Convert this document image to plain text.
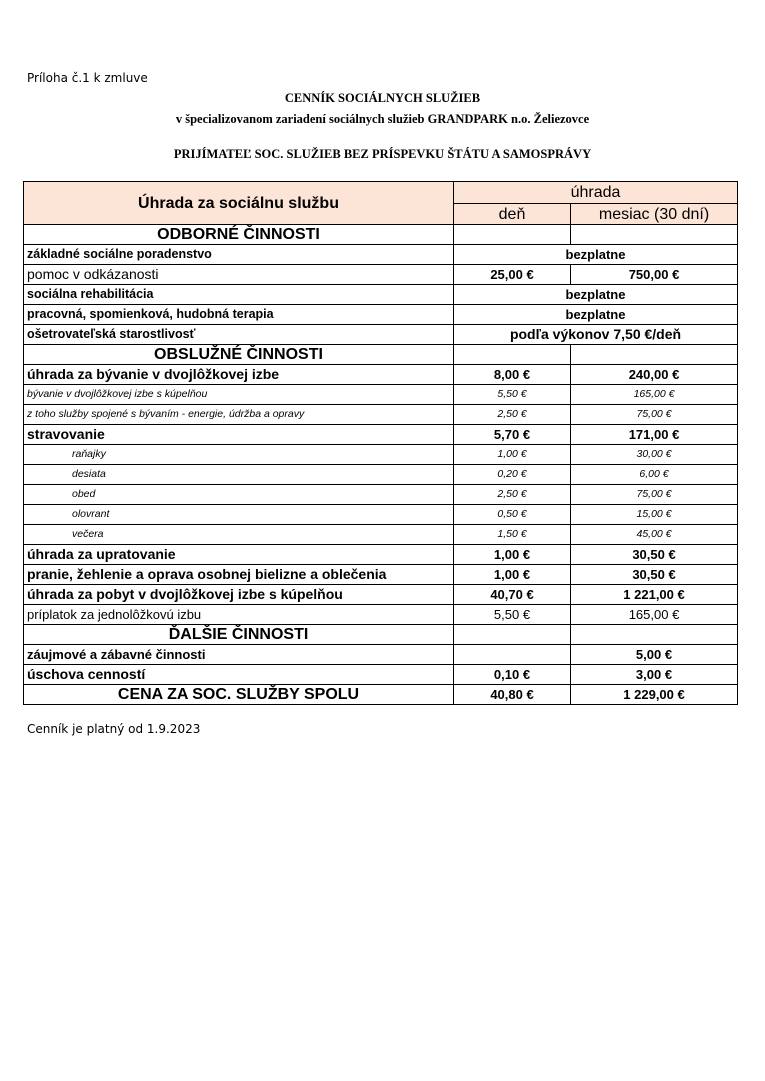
Príloha č.1 k zmluve
CENNÍK SOCIÁLNYCH SLUŽIEB
v špecializovanom zariadení sociálnych služieb GRANDPARK n.o. Želiezovce
PRIJÍMATEĽ SOC. SLUŽIEB BEZ PRÍSPEVKU ŠTÁTU A SAMOSPRÁVY
Úhrada za sociálnu službu	úhrada	
	deň	mesiac (30 dní)
ODBORNÉ ČINNOSTI		
základné sociálne poradenstvo	bezplatne	
pomoc v odkázanosti	25,00 €	750,00 €
sociálna rehabilitácia	bezplatne	
pracovná, spomienková, hudobná terapia	bezplatne	
ošetrovateľská starostlivosť	podľa výkonov 7,50 €/deň	
OBSLUŽNÉ ČINNOSTI		
úhrada za bývanie v dvojlôžkovej izbe	8,00 €	240,00 €
bývanie v dvojlôžkovej izbe s kúpelňou	5,50 €	165,00 €
z toho služby spojené s bývaním - energie, údržba a opravy	2,50 €	75,00 €
stravovanie	5,70 €	171,00 €
raňajky	1,00 €	30,00 €
desiata	0,20 €	6,00 €
obed	2,50 €	75,00 €
olovrant	0,50 €	15,00 €
večera	1,50 €	45,00 €
úhrada za upratovanie	1,00 €	30,50 €
pranie, žehlenie a oprava osobnej bielizne a oblečenia	1,00 €	30,50 €
úhrada za pobyt v dvojlôžkovej izbe s kúpelňou	40,70 €	1 221,00 €
príplatok za jednolôžkovú izbu	5,50 €	165,00 €
ĎALŠIE ČINNOSTI		
záujmové a zábavné činnosti		5,00 €
úschova cenností	0,10 €	3,00 €
CENA ZA SOC. SLUŽBY SPOLU	40,80 €	1 229,00 €
Cenník je platný od 1.9.2023
